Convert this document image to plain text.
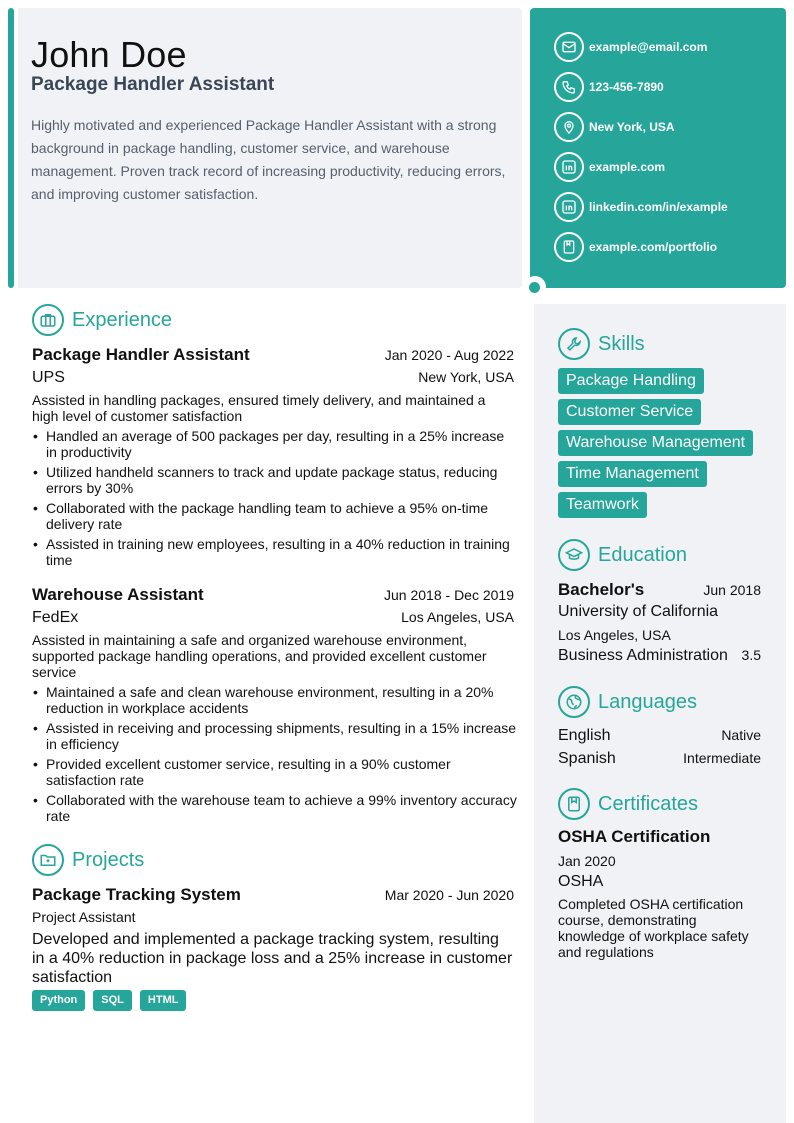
John Doe
Package Handler Assistant
Highly motivated and experienced Package Handler Assistant with a strong background in package handling, customer service, and warehouse management. Proven track record of increasing productivity, reducing errors, and improving customer satisfaction.
example@email.com
123-456-7890
New York, USA
example.com
linkedin.com/in/example
example.com/portfolio
Experience
Package Handler Assistant	Jan 2020 - Aug 2022
UPS	New York, USA
Assisted in handling packages, ensured timely delivery, and maintained a high level of customer satisfaction
• Handled an average of 500 packages per day, resulting in a 25% increase in productivity
• Utilized handheld scanners to track and update package status, reducing errors by 30%
• Collaborated with the package handling team to achieve a 95% on-time delivery rate
• Assisted in training new employees, resulting in a 40% reduction in training time
Warehouse Assistant	Jun 2018 - Dec 2019
FedEx	Los Angeles, USA
Assisted in maintaining a safe and organized warehouse environment, supported package handling operations, and provided excellent customer service
• Maintained a safe and clean warehouse environment, resulting in a 20% reduction in workplace accidents
• Assisted in receiving and processing shipments, resulting in a 15% increase in efficiency
• Provided excellent customer service, resulting in a 90% customer satisfaction rate
• Collaborated with the warehouse team to achieve a 99% inventory accuracy rate
Projects
Package Tracking System	Mar 2020 - Jun 2020
Project Assistant
Developed and implemented a package tracking system, resulting in a 40% reduction in package loss and a 25% increase in customer satisfaction
Python SQL HTML
Skills
Package Handling
Customer Service
Warehouse Management
Time Management
Teamwork
Education
Bachelor's	Jun 2018
University of California
Los Angeles, USA
Business Administration 3.5
Languages
English	Native
Spanish	Intermediate
Certificates
OSHA Certification
Jan 2020
OSHA
Completed OSHA certification course, demonstrating knowledge of workplace safety and regulations
